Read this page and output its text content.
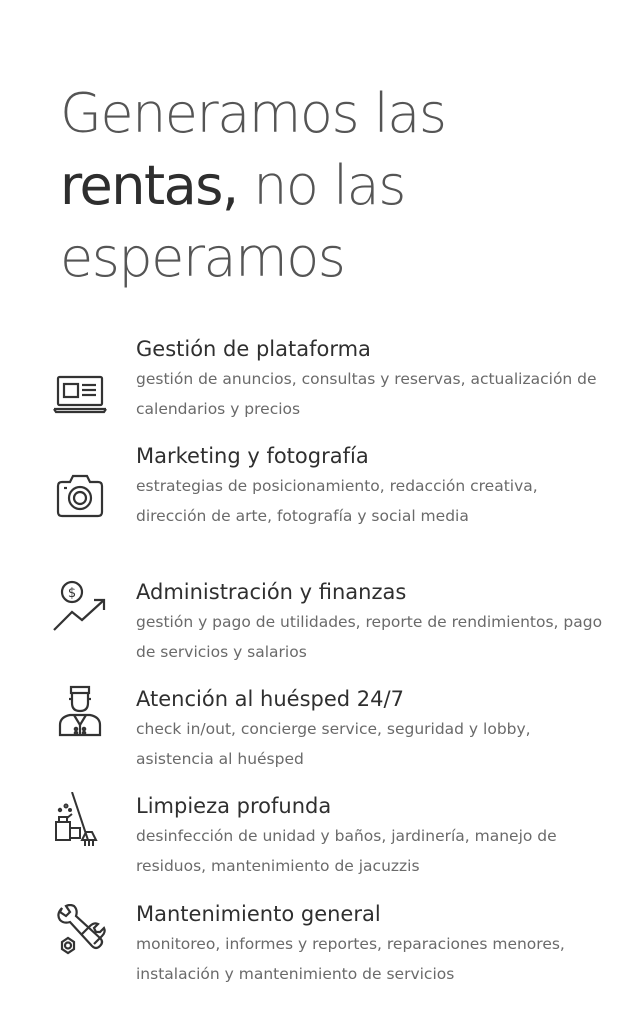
Generamos las
rentas, no las
esperamos
Gestión de plataforma
gestión de anuncios, consultas y reservas, actualización de calendarios y precios
Marketing y fotografía
estrategias de posicionamiento, redacción creativa, dirección de arte, fotografía y social media
$	Administración y finanzas
gestión y pago de utilidades, reporte de rendimientos, pago de servicios y salarios
Atención al huésped 24/7
check in/out, concierge service, seguridad y lobby, asistencia al huésped
Limpieza profunda
desinfección de unidad y baños, jardinería, manejo de residuos, mantenimiento de jacuzzis
Mantenimiento general
monitoreo, informes y reportes, reparaciones menores, instalación y mantenimiento de servicios
